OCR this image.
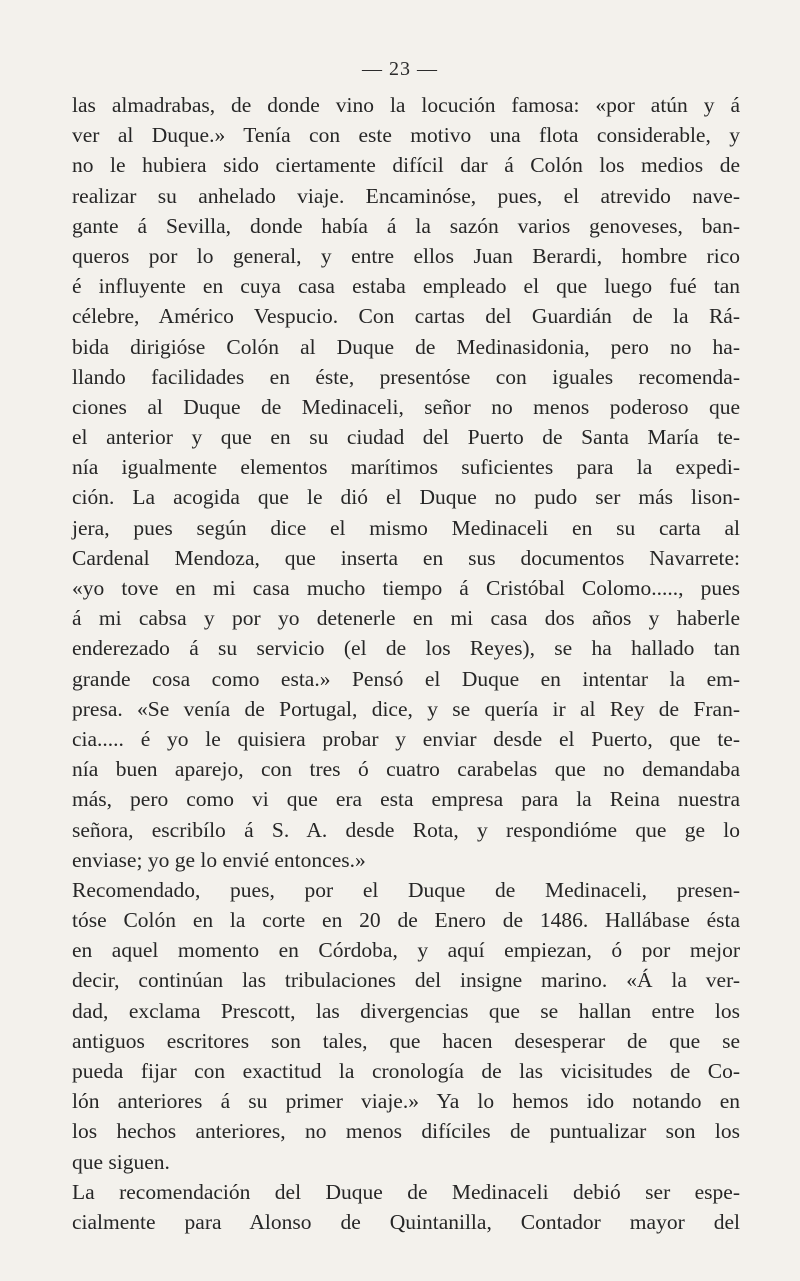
— 23 —
las almadrabas, de donde vino la locución famosa: «por atún y á
ver al Duque.» Tenía con este motivo una flota considerable, y
no le hubiera sido ciertamente difícil dar á Colón los medios de
realizar su anhelado viaje. Encaminóse, pues, el atrevido nave-
gante á Sevilla, donde había á la sazón varios genoveses, ban-
queros por lo general, y entre ellos Juan Berardi, hombre rico
é influyente en cuya casa estaba empleado el que luego fué tan
célebre, Américo Vespucio. Con cartas del Guardián de la Rá-
bida dirigióse Colón al Duque de Medinasidonia, pero no ha-
llando facilidades en éste, presentóse con iguales recomenda-
ciones al Duque de Medinaceli, señor no menos poderoso que
el anterior y que en su ciudad del Puerto de Santa María te-
nía igualmente elementos marítimos suficientes para la expedi-
ción. La acogida que le dió el Duque no pudo ser más lison-
jera, pues según dice el mismo Medinaceli en su carta al
Cardenal Mendoza, que inserta en sus documentos Navarrete:
«yo tove en mi casa mucho tiempo á Cristóbal Colomo....., pues
á mi cabsa y por yo detenerle en mi casa dos años y haberle
enderezado á su servicio (el de los Reyes), se ha hallado tan
grande cosa como esta.» Pensó el Duque en intentar la em-
presa. «Se venía de Portugal, dice, y se quería ir al Rey de Fran-
cia..... é yo le quisiera probar y enviar desde el Puerto, que te-
nía buen aparejo, con tres ó cuatro carabelas que no demandaba
más, pero como vi que era esta empresa para la Reina nuestra
señora, escribílo á S. A. desde Rota, y respondióme que ge lo
enviase; yo ge lo envié entonces.»
Recomendado, pues, por el Duque de Medinaceli, presen-
tóse Colón en la corte en 20 de Enero de 1486. Hallábase ésta
en aquel momento en Córdoba, y aquí empiezan, ó por mejor
decir, continúan las tribulaciones del insigne marino. «Á la ver-
dad, exclama Prescott, las divergencias que se hallan entre los
antiguos escritores son tales, que hacen desesperar de que se
pueda fijar con exactitud la cronología de las vicisitudes de Co-
lón anteriores á su primer viaje.» Ya lo hemos ido notando en
los hechos anteriores, no menos difíciles de puntualizar son los
que siguen.
La recomendación del Duque de Medinaceli debió ser espe-
cialmente para Alonso de Quintanilla, Contador mayor del
